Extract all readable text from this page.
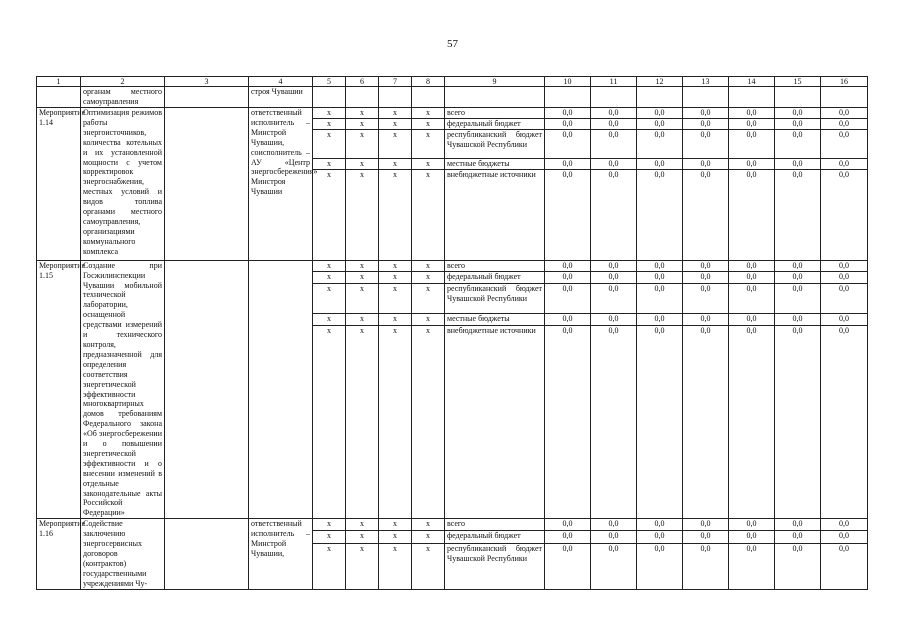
57
1	2	3	4	5	6	7	8	9	10	11	12	13	14	15	16
	органам местного самоуправления		строя Чувашии												
Мероприятие 1.14	Оптимизация режимов работы энергоисточников, количества котельных и их установленной мощности с учетом корректировок энергоснабжения, местных условий и видов топлива органами местного самоуправления, организациями коммунального комплекса		ответственный исполнитель – Минстрой Чувашии, соисполнитель – АУ «Центр энергосбережения» Минстроя Чувашии	х	х	х	х	всего	0,0	0,0	0,0	0,0	0,0	0,0	0,0
				х	х	х	х	федеральный бюджет	0,0	0,0	0,0	0,0	0,0	0,0	0,0
				х	х	х	х	республиканский бюджет Чувашской Республики	0,0	0,0	0,0	0,0	0,0	0,0	0,0
				х	х	х	х	местные бюджеты	0,0	0,0	0,0	0,0	0,0	0,0	0,0
				х	х	х	х	внебюджетные источники	0,0	0,0	0,0	0,0	0,0	0,0	0,0
Мероприятие 1.15	Создание при Госжилинспекции Чувашии мобильной технической лаборатории, оснащенной средствами измерений и технического контроля, предназначенной для определения соответствия энергетической эффективности многоквартирных домов требованиям Федерального закона «Об энергосбережении и о повышении энергетической эффективности и о внесении изменений в отдельные законодательные акты Российской Федерации»			х	х	х	х	всего	0,0	0,0	0,0	0,0	0,0	0,0	0,0
				х	х	х	х	федеральный бюджет	0,0	0,0	0,0	0,0	0,0	0,0	0,0
				х	х	х	х	республиканский бюджет Чувашской Республики	0,0	0,0	0,0	0,0	0,0	0,0	0,0
				х	х	х	х	местные бюджеты	0,0	0,0	0,0	0,0	0,0	0,0	0,0
				х	х	х	х	внебюджетные источники	0,0	0,0	0,0	0,0	0,0	0,0	0,0
Мероприятие 1.16	Содействие заключению энергосервисных договоров (контрактов) государственными учреждениями Чу-		ответственный исполнитель – Минстрой Чувашии,	х	х	х	х	всего	0,0	0,0	0,0	0,0	0,0	0,0	0,0
				х	х	х	х	федеральный бюджет	0,0	0,0	0,0	0,0	0,0	0,0	0,0
				х	х	х	х	республиканский бюджет Чувашской Республики	0,0	0,0	0,0	0,0	0,0	0,0	0,0
